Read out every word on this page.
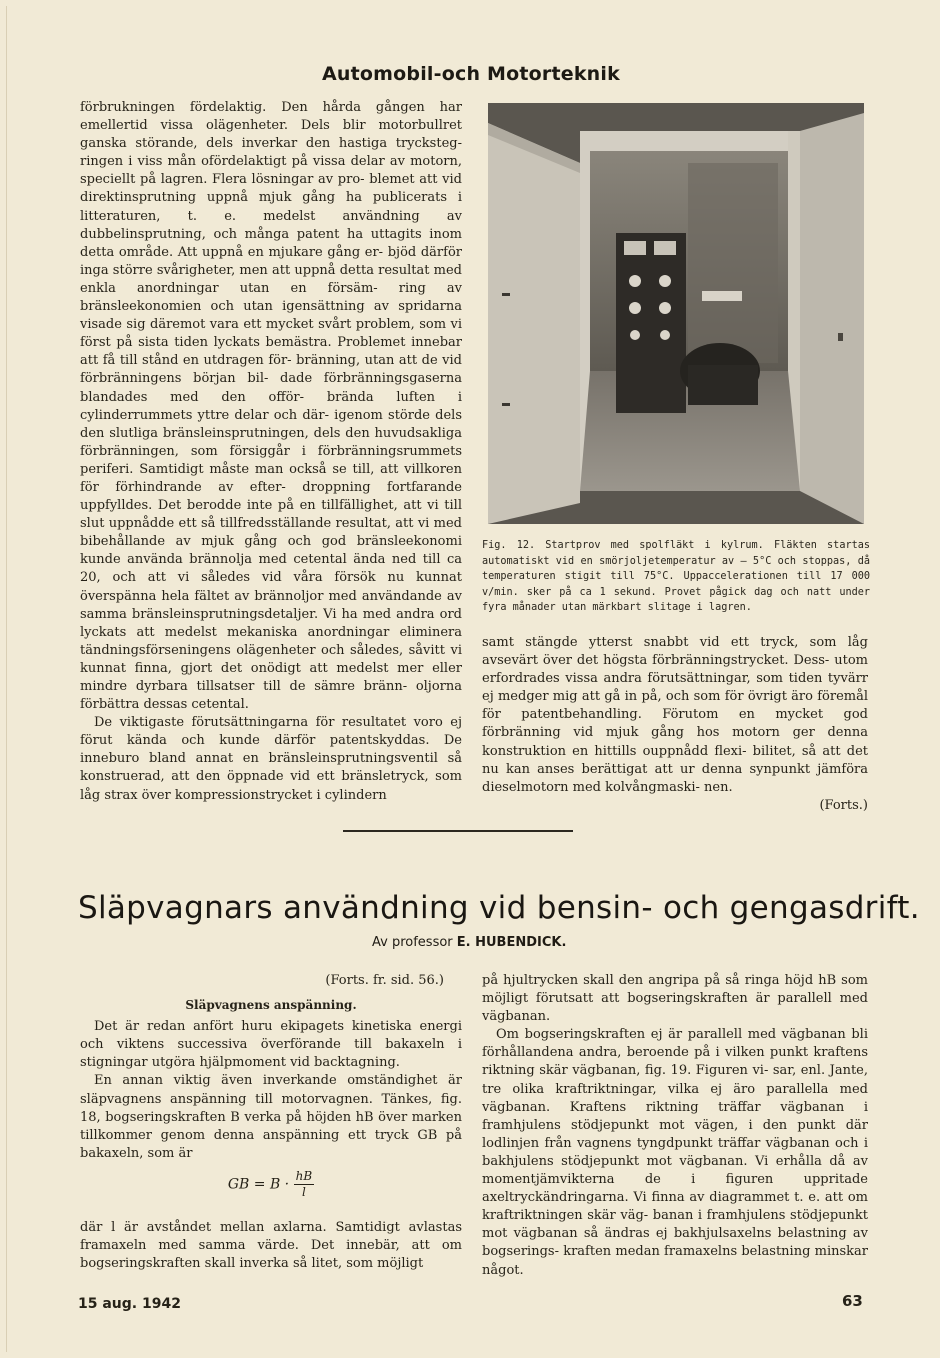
Automobil-och Motorteknik

förbrukningen fördelaktig. Den hårda gången har emellertid vissa olägenheter. Dels blir motorbullret ganska störande, dels inverkar den hastiga trycksteg- ringen i viss mån ofördelaktigt på vissa delar av motorn, speciellt på lagren. Flera lösningar av pro- blemet att vid direktinsprutning uppnå mjuk gång ha publicerats i litteraturen, t. e. medelst användning av dubbelinsprutning, och många patent ha uttagits inom detta område. Att uppnå en mjukare gång er- bjöd därför inga större svårigheter, men att uppnå detta resultat med enkla anordningar utan en försäm- ring av bränsleekonomien och utan igensättning av spridarna visade sig däremot vara ett mycket svårt problem, som vi först på sista tiden lyckats bemästra. Problemet innebar att få till stånd en utdragen för- bränning, utan att de vid förbränningens början bil- dade förbränningsgaserna blandades med den offör- brända luften i cylinderrummets yttre delar och där- igenom störde dels den slutliga bränsleinsprutningen, dels den huvudsakliga förbränningen, som försiggår i förbränningsrummets periferi. Samtidigt måste man också se till, att villkoren för förhindrande av efter- droppning fortfarande uppfylldes. Det berodde inte på en tillfällighet, att vi till slut uppnådde ett så tillfredsställande resultat, att vi med bibehållande av mjuk gång och god bränsleekonomi kunde använda brännolja med cetental ända ned till ca 20, och att vi således vid våra försök nu kunnat överspänna hela fältet av brännoljor med användande av samma bränsleinsprutningsdetaljer. Vi ha med andra ord lyckats att medelst mekaniska anordningar eliminera tändningsförseningens olägenheter och således, såvitt vi kunnat finna, gjort det onödigt att medelst mer eller mindre dyrbara tillsatser till de sämre bränn- oljorna förbättra dessas cetental.

De viktigaste förutsättningarna för resultatet voro ej förut kända och kunde därför patentskyddas. De inneburo bland annat en bränsleinsprutningsventil så konstruerad, att den öppnade vid ett bränsletryck, som låg strax över kompressionstrycket i cylindern

Fig. 12. Startprov med spolfläkt i kylrum. Fläkten startas automatiskt vid en smörjoljetemperatur av — 5°C och stoppas, då temperaturen stigit till 75°C. Uppaccelerationen till 17 000 v/min. sker på ca 1 sekund. Provet pågick dag och natt under fyra månader utan märkbart slitage i lagren.

samt stängde ytterst snabbt vid ett tryck, som låg avsevärt över det högsta förbränningstrycket. Dess- utom erfordrades vissa andra förutsättningar, som tiden tyvärr ej medger mig att gå in på, och som för övrigt äro föremål för patentbehandling. Förutom en mycket god förbränning vid mjuk gång hos motorn ger denna konstruktion en hittills ouppnådd flexi- bilitet, så att det nu kan anses berättigat att ur denna synpunkt jämföra dieselmotorn med kolvångmaski- nen.

(Forts.)

Släpvagnars användning vid bensin- och gengasdrift.
Av professor E. HUBENDICK.

(Forts. fr. sid. 56.)

Släpvagnens anspänning.

Det är redan anfört huru ekipagets kinetiska energi och viktens successiva överförande till bakaxeln i stigningar utgöra hjälpmoment vid backtagning.

En annan viktig även inverkande omständighet är släpvagnens anspänning till motorvagnen. Tänkes, fig. 18, bogseringskraften B verka på höjden hB över marken tillkommer genom denna anspänning ett tryck GB på bakaxeln, som är

GB = $B \cdot \frac{hB}{l}$

där l är avståndet mellan axlarna. Samtidigt avlastas framaxeln med samma värde. Det innebär, att om bogseringskraften skall inverka så litet, som möjligt

på hjultrycken skall den angripa på så ringa höjd hB som möjligt förutsatt att bogseringskraften är parallell med vägbanan.

Om bogseringskraften ej är parallell med vägbanan bli förhållandena andra, beroende på i vilken punkt kraftens riktning skär vägbanan, fig. 19. Figuren vi- sar, enl. Jante, tre olika kraftriktningar, vilka ej äro parallella med vägbanan. Kraftens riktning träffar vägbanan i framhjulens stödjepunkt mot vägen, i den punkt där lodlinjen från vagnens tyngdpunkt träffar vägbanan och i bakhjulens stödjepunkt mot vägbanan. Vi erhålla då av momentjämvikterna de i figuren uppritade axeltryckändringarna. Vi finna av diagrammet t. e. att om kraftriktningen skär väg- banan i framhjulens stödjepunkt mot vägbanan så ändras ej bakhjulsaxelns belastning av bogserings- kraften medan framaxelns belastning minskar något.

15 aug. 1942	63
